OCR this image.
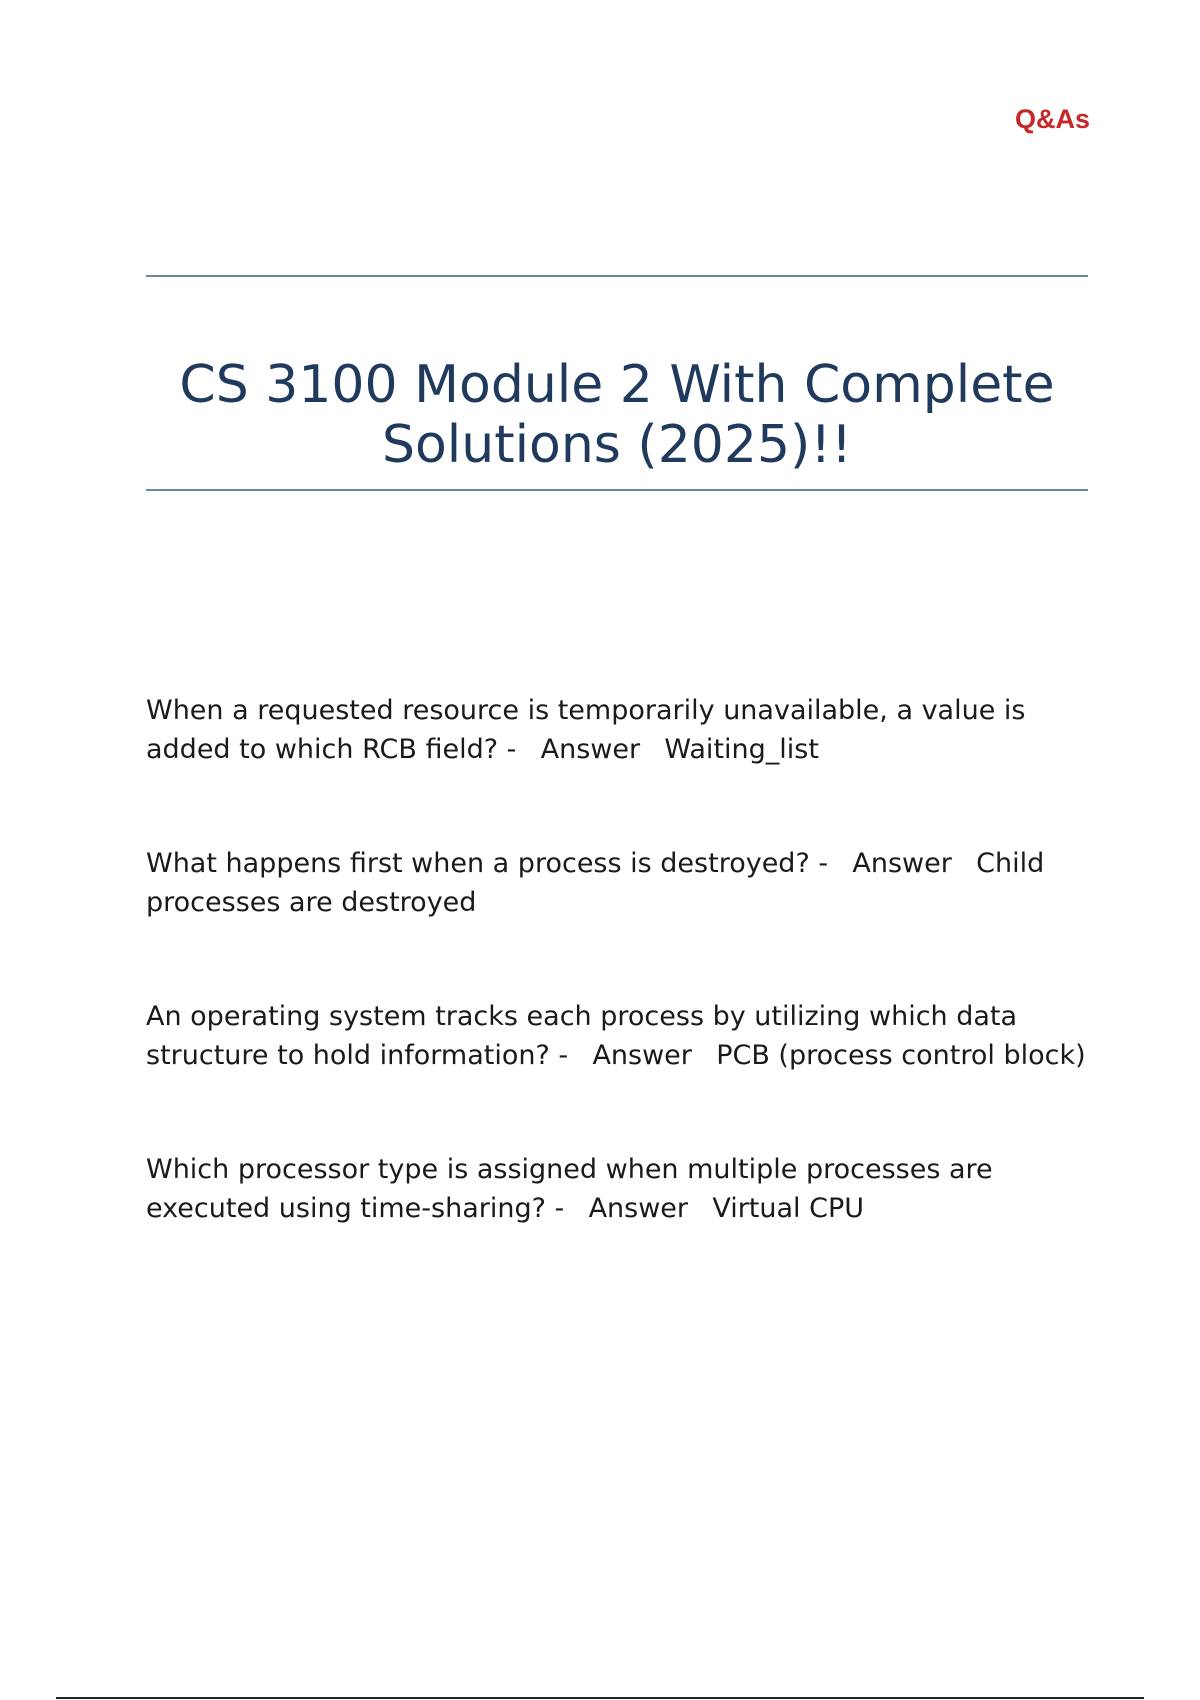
Q&As

CS 3100 Module 2 With Complete Solutions (2025)!!
When a requested resource is temporarily unavailable, a value is added to which RCB field? - Answer Waiting_list
What happens first when a process is destroyed? - Answer Child processes are destroyed
An operating system tracks each process by utilizing which data structure to hold information? - Answer PCB (process control block)
Which processor type is assigned when multiple processes are executed using time-sharing? - Answer Virtual CPU
